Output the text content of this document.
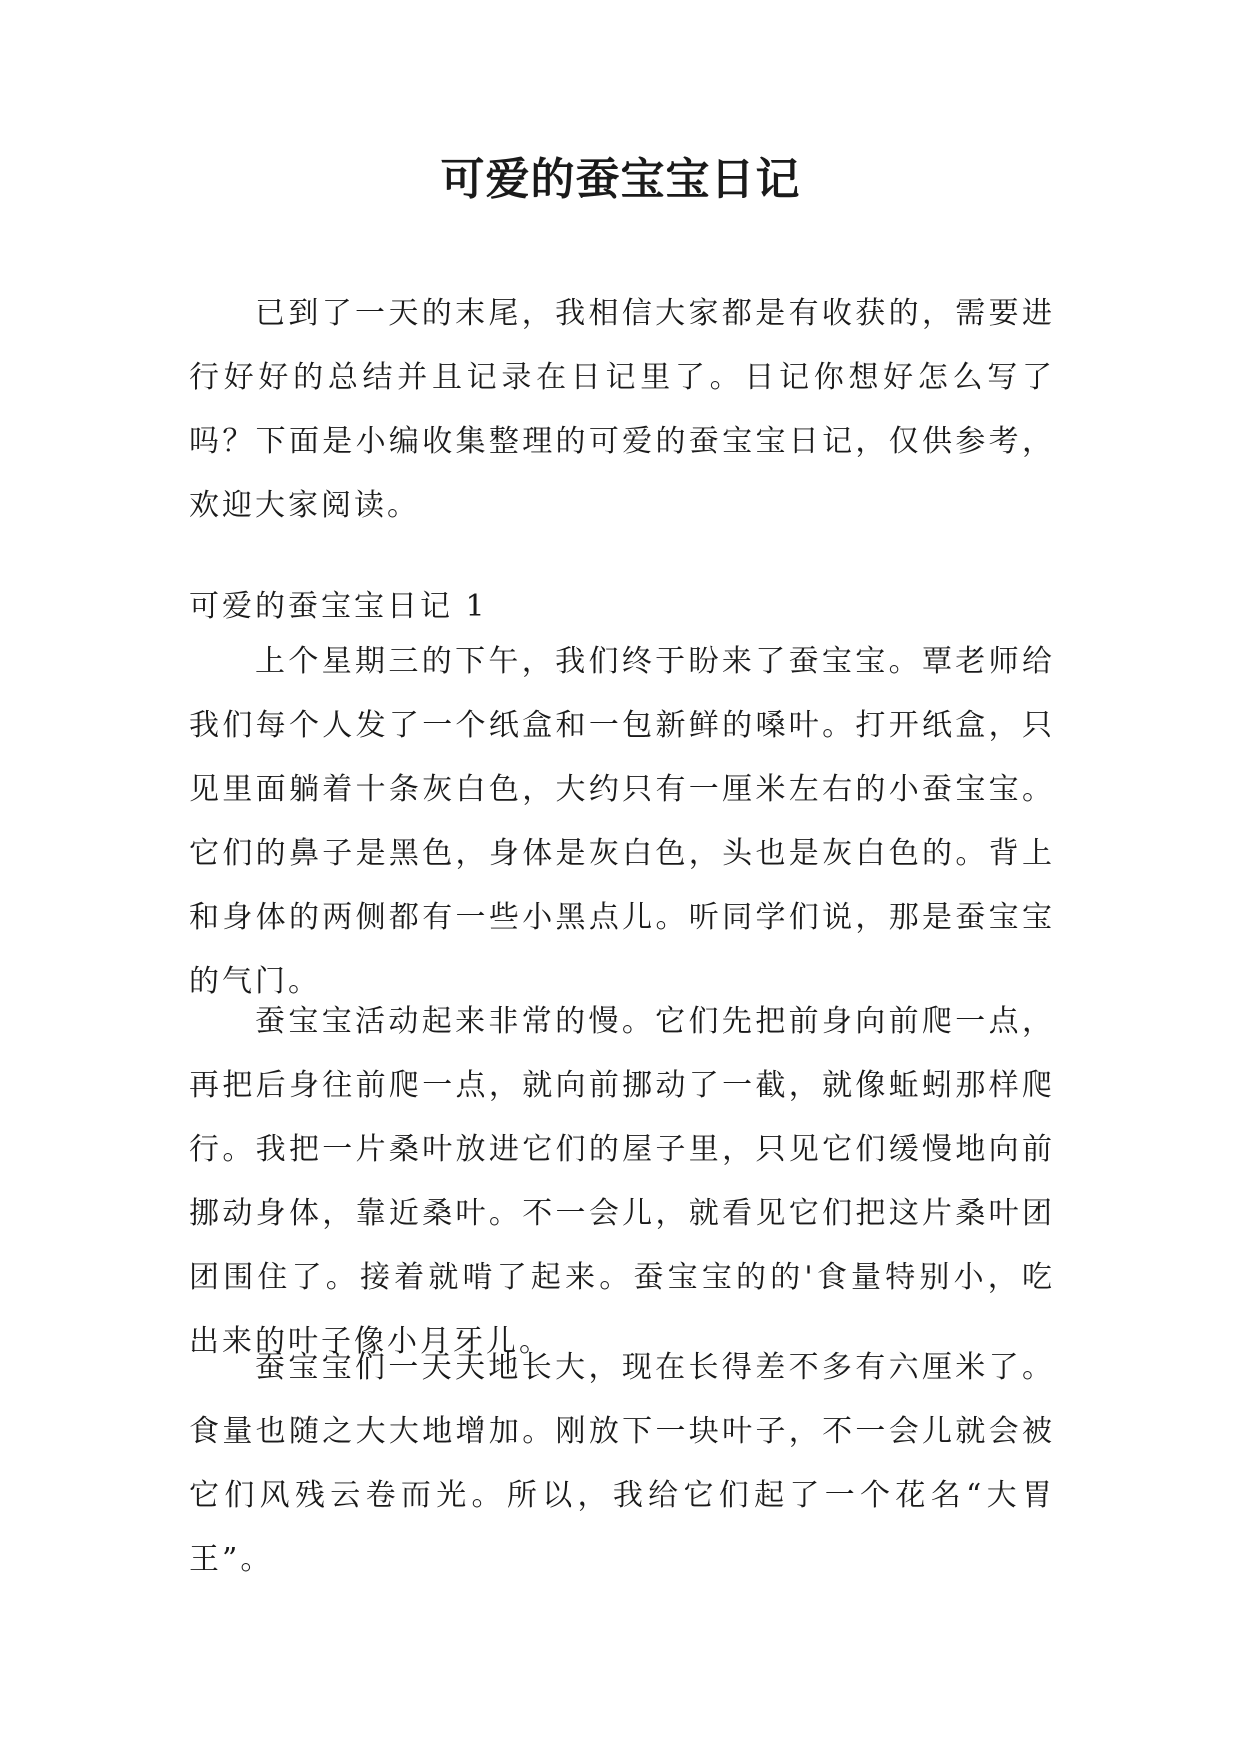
可爱的蚕宝宝日记

已到了一天的末尾，我相信大家都是有收获的，需要进行好好的总结并且记录在日记里了。日记你想好怎么写了吗？下面是小编收集整理的可爱的蚕宝宝日记，仅供参考，欢迎大家阅读。

可爱的蚕宝宝日记 1

上个星期三的下午，我们终于盼来了蚕宝宝。覃老师给我们每个人发了一个纸盒和一包新鲜的嗓叶。打开纸盒，只见里面躺着十条灰白色，大约只有一厘米左右的小蚕宝宝。它们的鼻子是黑色，身体是灰白色，头也是灰白色的。背上和身体的两侧都有一些小黑点儿。听同学们说，那是蚕宝宝的气门。

蚕宝宝活动起来非常的慢。它们先把前身向前爬一点，再把后身往前爬一点，就向前挪动了一截，就像蚯蚓那样爬行。我把一片桑叶放进它们的屋子里，只见它们缓慢地向前挪动身体，靠近桑叶。不一会儿，就看见它们把这片桑叶团团围住了。接着就啃了起来。蚕宝宝的的'食量特别小，吃出来的叶子像小月牙儿。

蚕宝宝们一天天地长大，现在长得差不多有六厘米了。食量也随之大大地增加。刚放下一块叶子，不一会儿就会被它们风残云卷而光。所以，我给它们起了一个花名“大胃王”。
